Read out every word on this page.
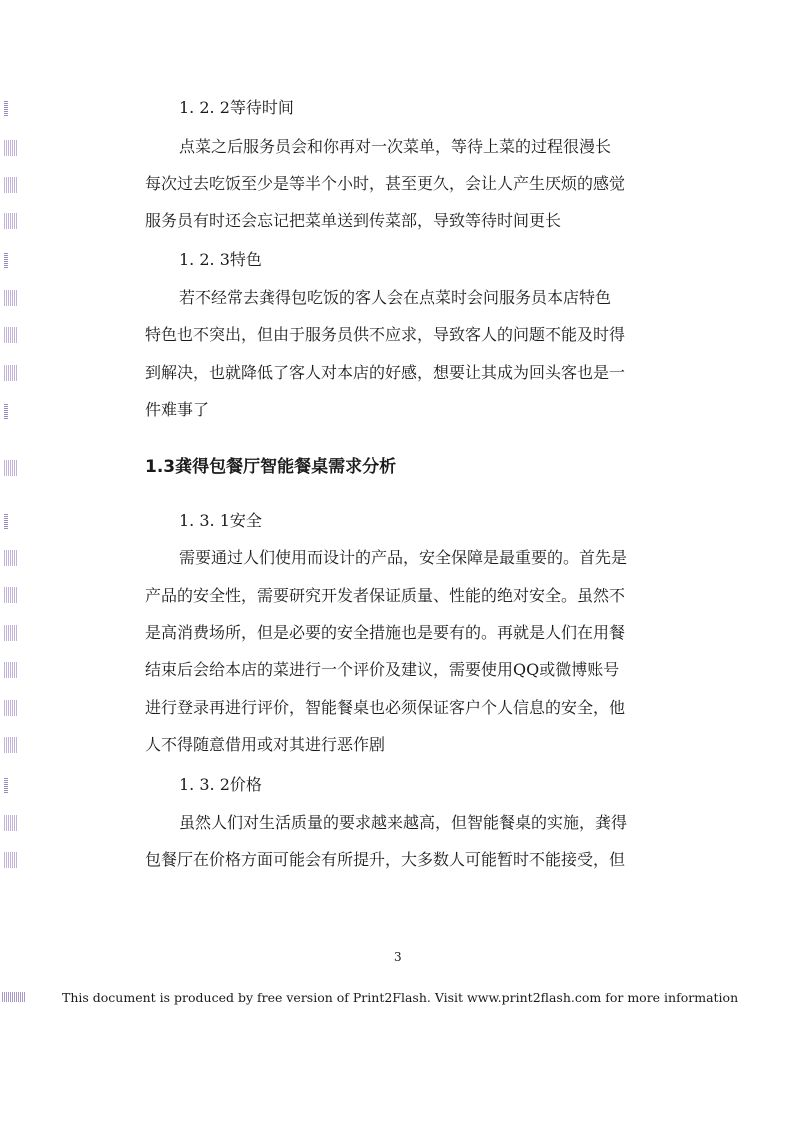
1. 2. 2等待时间
点菜之后服务员会和你再对一次菜单，等待上菜的过程很漫长
每次过去吃饭至少是等半个小时，甚至更久，会让人产生厌烦的感觉
服务员有时还会忘记把菜单送到传菜部，导致等待时间更长
1. 2. 3特色
若不经常去龚得包吃饭的客人会在点菜时会问服务员本店特色
特色也不突出，但由于服务员供不应求，导致客人的问题不能及时得
到解决，也就降低了客人对本店的好感，想要让其成为回头客也是一
件难事了
1.3龚得包餐厅智能餐桌需求分析
1. 3. 1安全
需要通过人们使用而设计的产品，安全保障是最重要的。首先是
产品的安全性，需要研究开发者保证质量、性能的绝对安全。虽然不
是高消费场所，但是必要的安全措施也是要有的。再就是人们在用餐
结束后会给本店的菜进行一个评价及建议，需要使用QQ或微博账号
进行登录再进行评价，智能餐桌也必须保证客户个人信息的安全，他
人不得随意借用或对其进行恶作剧
1. 3. 2价格
虽然人们对生活质量的要求越来越高，但智能餐桌的实施，龚得
包餐厅在价格方面可能会有所提升，大多数人可能暂时不能接受，但
3
This document is produced by free version of Print2Flash. Visit www.print2flash.com for more information
